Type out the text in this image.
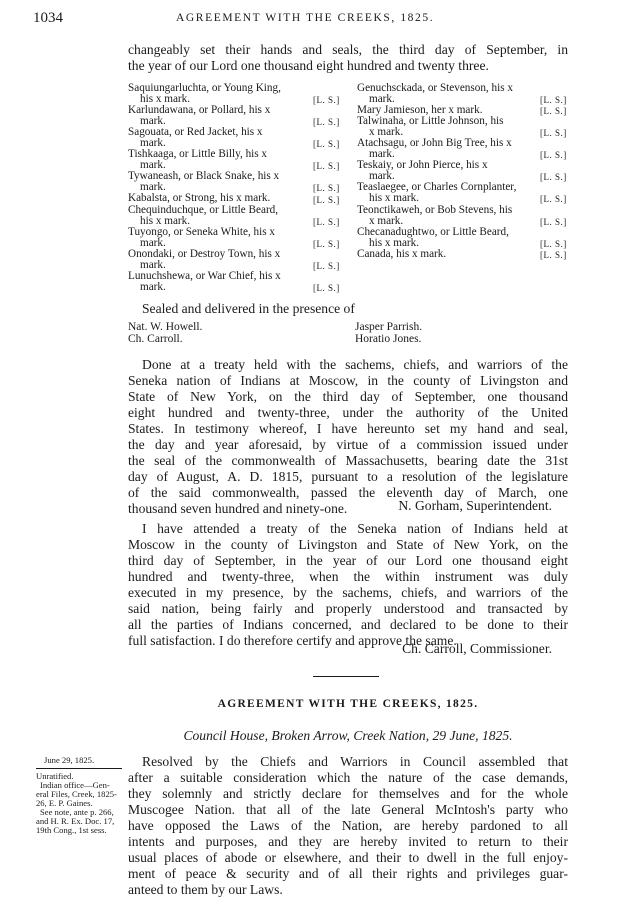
1034	AGREEMENT WITH THE CREEKS, 1825.
changeably set their hands and seals, the third day of September, in
the year of our Lord one thousand eight hundred and twenty three.
Saquiungarluchta, or Young King,
his x mark.
Karlundawana, or Pollard, his x
mark.
Sagouata, or Red Jacket, his x
mark.
Tishkaaga, or Little Billy, his x
mark.
Tywaneash, or Black Snake, his x
mark.
Kabalsta, or Strong, his x mark.
Chequinduchque, or Little Beard,
his x mark.
Tuyongo, or Seneka White, his x
mark.
Onondaki, or Destroy Town, his x
mark.
Lunuchshewa, or War Chief, his x
mark.
[L. S.]
[L. S.]
[L. S.]
[L. S.]
[L. S.]
[L. S.]
[L. S.]
[L. S.]
[L. S.]
[L. S.]
Genuchsckada, or Stevenson, his x
mark.
Mary Jamieson, her x mark.
Talwinaha, or Little Johnson, his
x mark.
Atachsagu, or John Big Tree, his x
mark.
Teskaiy, or John Pierce, his x
mark.
Teaslaegee, or Charles Cornplanter,
his x mark.
Teonctikaweh, or Bob Stevens, his
x mark.
Checanadughtwo, or Little Beard,
his x mark.
Canada, his x mark.
[L. S.]
[L. S.]
[L. S.]
[L. S.]
[L. S.]
[L. S.]
[L. S.]
[L. S.]
[L. S.]
Sealed and delivered in the presence of
Nat. W. Howell.
Ch. Carroll.
Jasper Parrish.
Horatio Jones.
Done at a treaty held with the sachems, chiefs, and warriors of the
Seneka nation of Indians at Moscow, in the county of Livingston and
State of New York, on the third day of September, one thousand
eight hundred and twenty-three, under the authority of the United
States. In testimony whereof, I have hereunto set my hand and seal,
the day and year aforesaid, by virtue of a commission issued under
the seal of the commonwealth of Massachusetts, bearing date the 31st
day of August, A. D. 1815, pursuant to a resolution of the legislature
of the said commonwealth, passed the eleventh day of March, one
thousand seven hundred and ninety-one.	N. Gorham, Superintendent.
I have attended a treaty of the Seneka nation of Indians held at
Moscow in the county of Livingston and State of New York, on the
third day of September, in the year of our Lord one thousand eight
hundred and twenty-three, when the within instrument was duly
executed in my presence, by the sachems, chiefs, and warriors of the
said nation, being fairly and properly understood and transacted by
all the parties of Indians concerned, and declared to be done to their
full satisfaction. I do therefore certify and approve the same.
Ch. Carroll, Commissioner.
AGREEMENT WITH THE CREEKS, 1825.
Council House, Broken Arrow, Creek Nation, 29 June, 1825.
June 29, 1825.
Unratified.
Indian office—Gen-
eral Files, Creek, 1825-
26, E. P. Gaines.
See note, ante p. 266,
and H. R. Ex. Doc. 17,
19th Cong., 1st sess.
Resolved by the Chiefs and Warriors in Council assembled that
after a suitable consideration which the nature of the case demands,
they solemnly and strictly declare for themselves and for the whole
Muscogee Nation. that all of the late General McIntosh's party who
have opposed the Laws of the Nation, are hereby pardoned to all
intents and purposes, and they are hereby invited to return to their
usual places of abode or elsewhere, and their to dwell in the full enjoy-
ment of peace & security and of all their rights and privileges guar-
anteed to them by our Laws.
